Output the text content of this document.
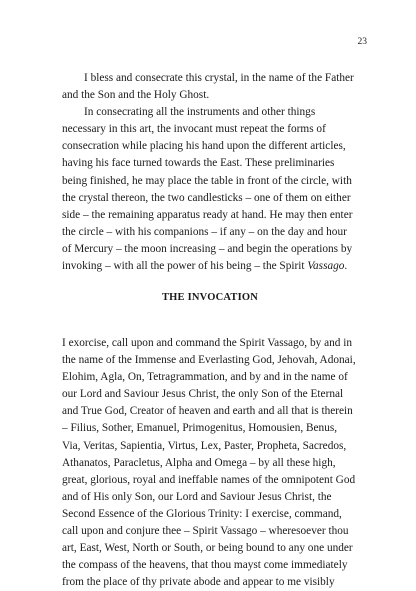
23

I bless and consecrate this crystal, in the name of the Father and the Son and the Holy Ghost.

In consecrating all the instruments and other things necessary in this art, the invocant must repeat the forms of consecration while placing his hand upon the different articles, having his face turned towards the East. These preliminaries being finished, he may place the table in front of the circle, with the crystal thereon, the two candlesticks – one of them on either side – the remaining apparatus ready at hand. He may then enter the circle – with his companions – if any – on the day and hour of Mercury – the moon increasing – and begin the operations by invoking – with all the power of his being – the Spirit Vassago.

THE INVOCATION

I exorcise, call upon and command the Spirit Vassago, by and in the name of the Immense and Everlasting God, Jehovah, Adonai, Elohim, Agla, On, Tetragrammation, and by and in the name of our Lord and Saviour Jesus Christ, the only Son of the Eternal and True God, Creator of heaven and earth and all that is therein – Filius, Sother, Emanuel, Primogenitus, Homousien, Benus, Via, Veritas, Sapientia, Virtus, Lex, Paster, Propheta, Sacredos, Athanatos, Paracletus, Alpha and Omega – by all these high, great, glorious, royal and ineffable names of the omnipotent God and of His only Son, our Lord and Saviour Jesus Christ, the Second Essence of the Glorious Trinity: I exercise, command, call upon and conjure thee – Spirit Vassago – wheresoever thou art, East, West, North or South, or being bound to any one under the compass of the heavens, that thou mayst come immediately from the place of thy private abode and appear to me visibly
